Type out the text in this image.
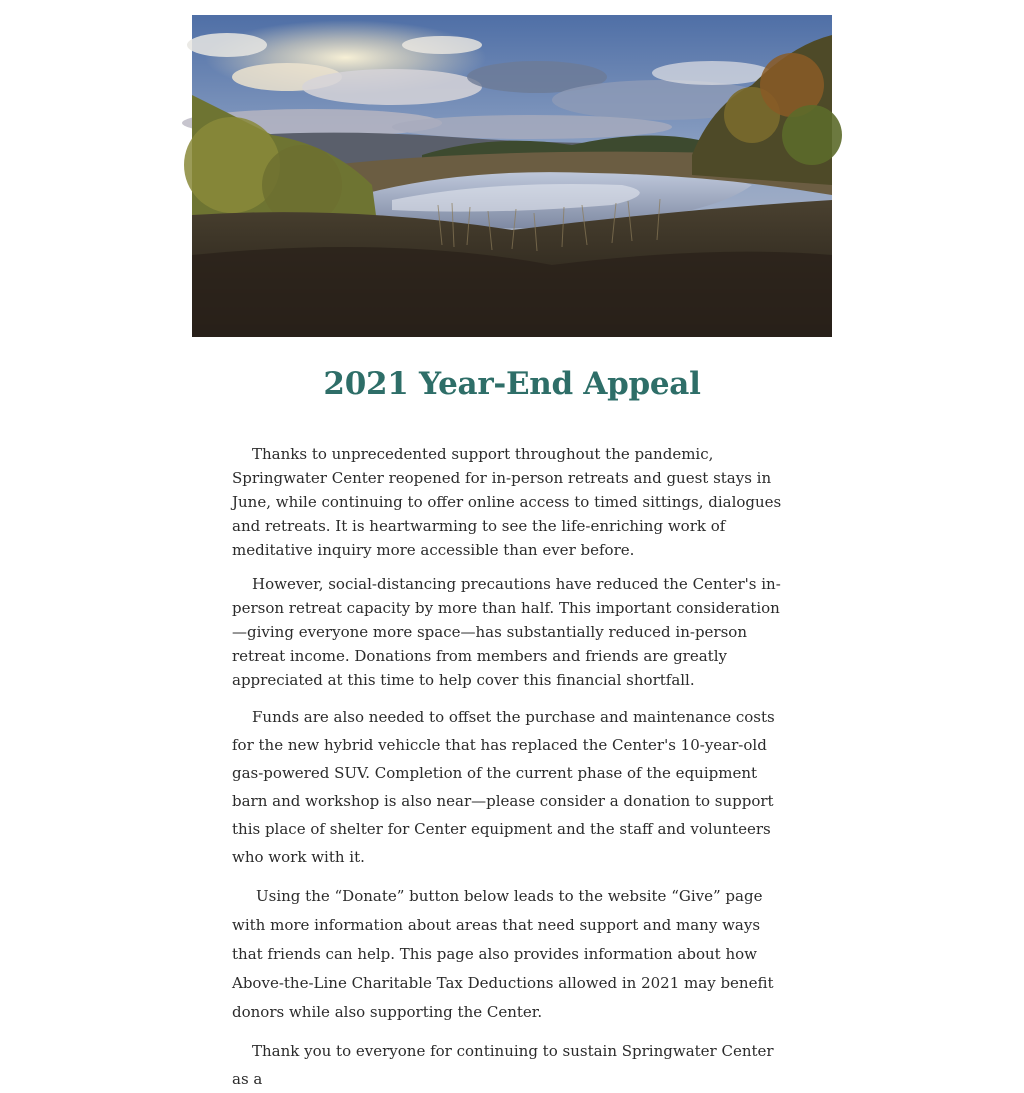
2021 Year-End Appeal

Thanks to unprecedented support throughout the pandemic, Springwater Center reopened for in-person retreats and guest stays in June, while continuing to offer online access to timed sittings, dialogues and retreats. It is heartwarming to see the life-enriching work of meditative inquiry more accessible than ever before.

However, social-distancing precautions have reduced the Center's in-person retreat capacity by more than half. This important consideration—giving everyone more space—has substantially reduced in-person retreat income. Donations from members and friends are greatly appreciated at this time to help cover this financial shortfall.

Funds are also needed to offset the purchase and maintenance costs for the new hybrid vehiccle that has replaced the Center's 10-year-old gas-powered SUV. Completion of the current phase of the equipment barn and workshop is also near—please consider a donation to support this place of shelter for Center equipment and the staff and volunteers who work with it.

Using the “Donate” button below leads to the website “Give” page with more information about areas that need support and many ways that friends can help. This page also provides information about how Above-the-Line Charitable Tax Deductions allowed in 2021 may benefit donors while also supporting the Center.

Thank you to everyone for continuing to sustain Springwater Center as a
